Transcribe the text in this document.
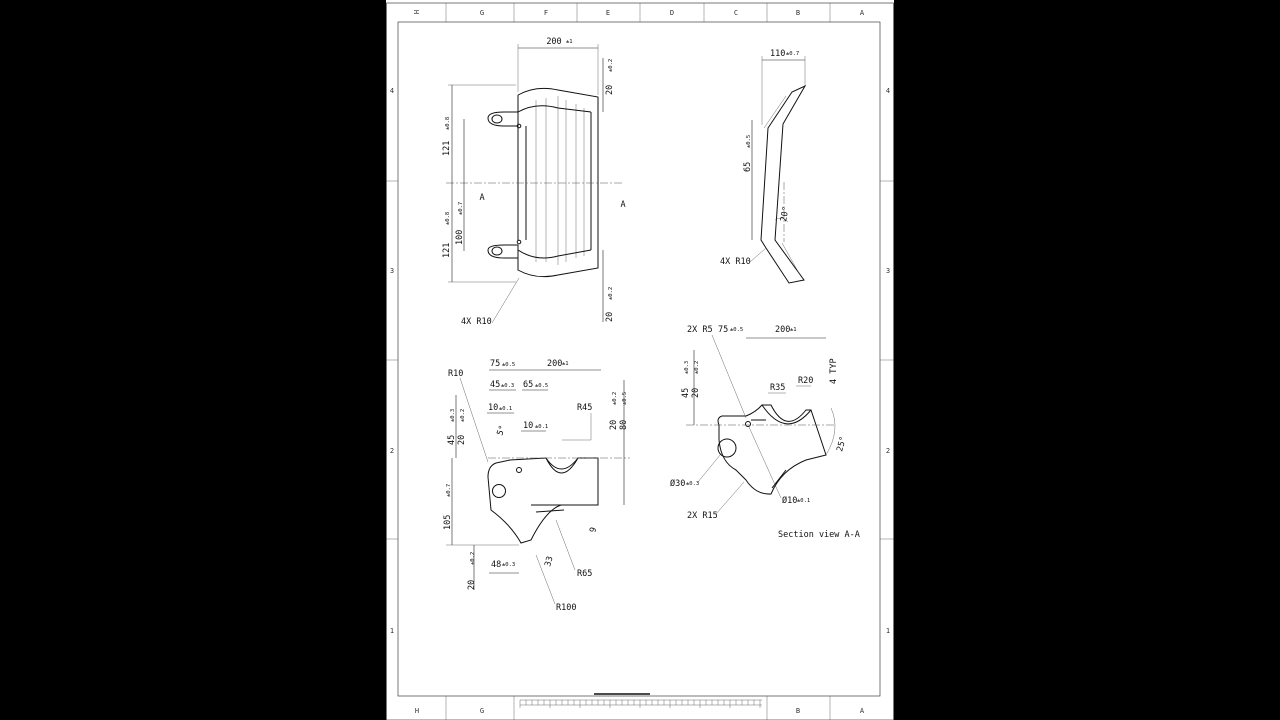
H	G	F	E	D	C	B	A
H	G	B	A
4
3
2
1
4
3
2
1
A
A
200 ±1
20
±0.2
121
±0.8
121
±0.8
100
±0.7
20
±0.2
4X R10
110 ±0.7
65
±0.5
20°
4X R10
75 ±0.5	200 ±1
45 ±0.3 65 ±0.5
10 ±0.1
10 ±0.1
5°
R10
R45
45
±0.3
20
±0.2
20
±0.2
80
±0.5
105
±0.7
20
±0.2 48 ±0.3	33
9
R65
R100
75 ±0.5	200 ±1
2X R5
4 TYP
45
±0.3
20
±0.2
R35
R20
25°
Ø30 ±0.3
Ø10 ±0.1
2X R15
Section view A-A
